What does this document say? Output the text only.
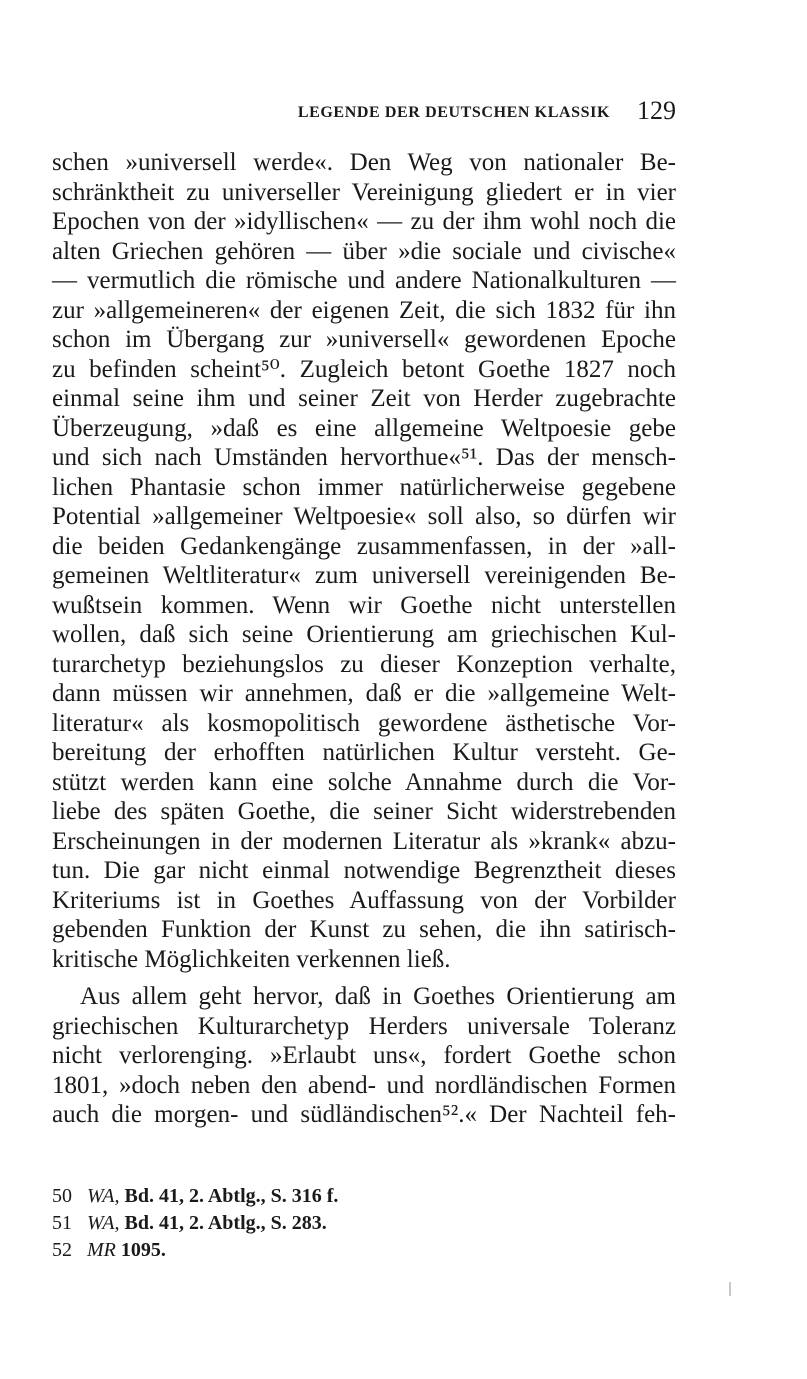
LEGENDE DER DEUTSCHEN KLASSIK 129
schen »universell werde«. Den Weg von nationaler Be-
schränktheit zu universeller Vereinigung gliedert er in vier
Epochen von der »idyllischen« — zu der ihm wohl noch die
alten Griechen gehören — über »die sociale und civische«
— vermutlich die römische und andere Nationalkulturen —
zur »allgemeineren« der eigenen Zeit, die sich 1832 für ihn
schon im Übergang zur »universell« gewordenen Epoche
zu befinden scheint⁵⁰. Zugleich betont Goethe 1827 noch
einmal seine ihm und seiner Zeit von Herder zugebrachte
Überzeugung, »daß es eine allgemeine Weltpoesie gebe
und sich nach Umständen hervorthue«⁵¹. Das der mensch-
lichen Phantasie schon immer natürlicherweise gegebene
Potential »allgemeiner Weltpoesie« soll also, so dürfen wir
die beiden Gedankengänge zusammenfassen, in der »all-
gemeinen Weltliteratur« zum universell vereinigenden Be-
wußtsein kommen. Wenn wir Goethe nicht unterstellen
wollen, daß sich seine Orientierung am griechischen Kul-
turarchetyp beziehungslos zu dieser Konzeption verhalte,
dann müssen wir annehmen, daß er die »allgemeine Welt-
literatur« als kosmopolitisch gewordene ästhetische Vor-
bereitung der erhofften natürlichen Kultur versteht. Ge-
stützt werden kann eine solche Annahme durch die Vor-
liebe des späten Goethe, die seiner Sicht widerstrebenden
Erscheinungen in der modernen Literatur als »krank« abzu-
tun. Die gar nicht einmal notwendige Begrenztheit dieses
Kriteriums ist in Goethes Auffassung von der Vorbilder
gebenden Funktion der Kunst zu sehen, die ihn satirisch-
kritische Möglichkeiten verkennen ließ.
Aus allem geht hervor, daß in Goethes Orientierung am
griechischen Kulturarchetyp Herders universale Toleranz
nicht verlorenging. »Erlaubt uns«, fordert Goethe schon
1801, »doch neben den abend- und nordländischen Formen
auch die morgen- und südländischen⁵².« Der Nachteil feh-
50 WA, Bd. 41, 2. Abtlg., S. 316 f.
51 WA, Bd. 41, 2. Abtlg., S. 283.
52 MR 1095.
